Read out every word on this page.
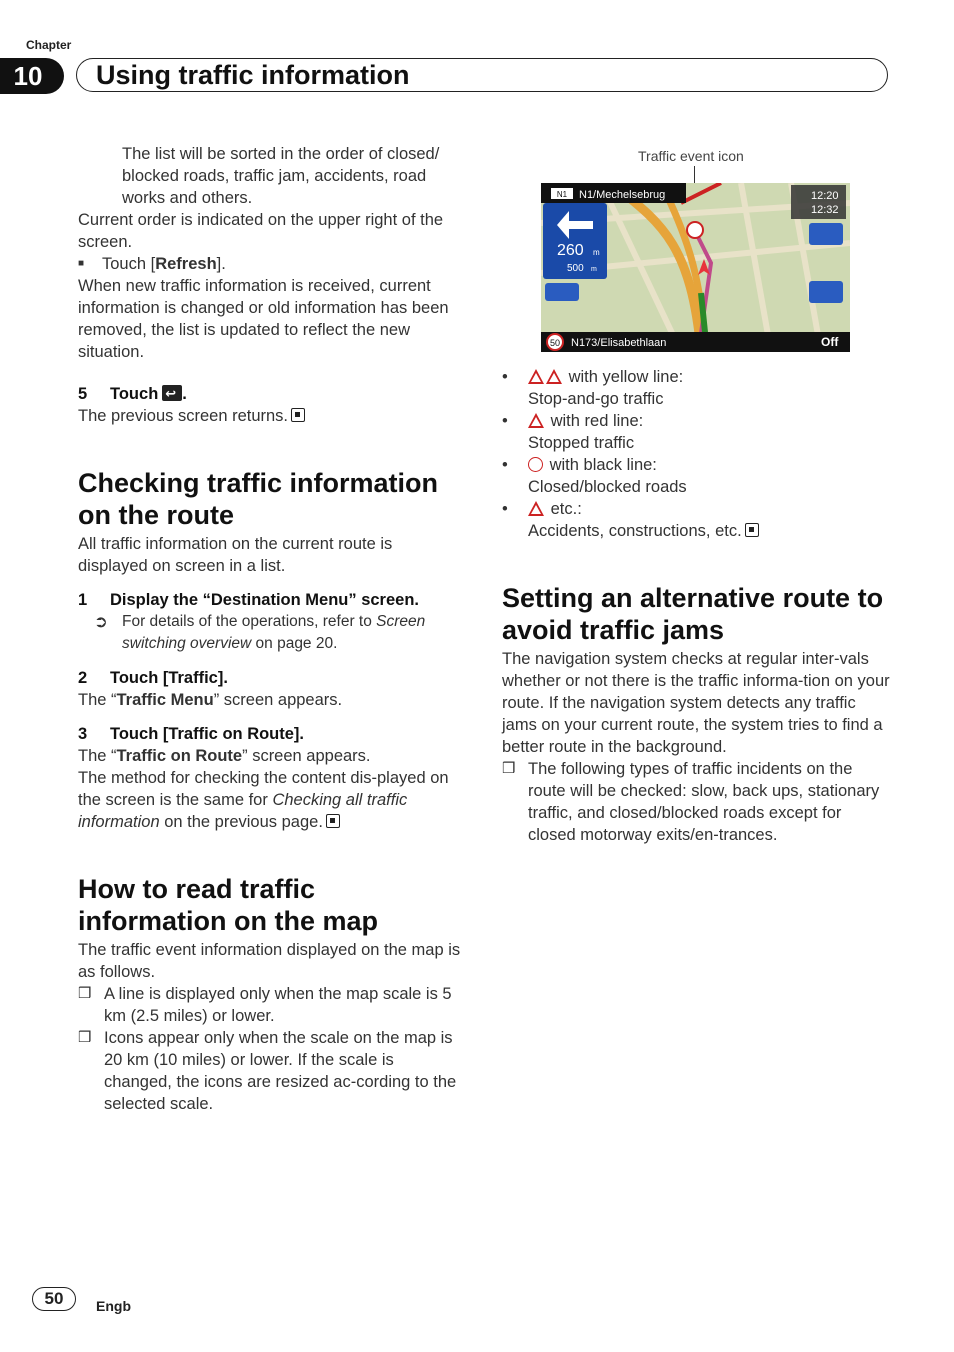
Chapter
10	Using traffic information

The list will be sorted in the order of closed/ blocked roads, traffic jam, accidents, road works and others.

Current order is indicated on the upper right of the screen.

■	Touch [Refresh].

When new traffic information is received, current information is changed or old information has been removed, the list is updated to reflect the new situation.

5 Touch↩ .

The previous screen returns.

Checking traffic information on the route

All traffic information on the current route is displayed on screen in a list.

1 Display the “Destination Menu” screen.

➲ For details of the operations, refer to Screen switching overview on page 20.

2 Touch [Traffic].

The “Traffic Menu” screen appears.

3 Touch [Traffic on Route].

The “Traffic on Route” screen appears.

The method for checking the content dis-played on the screen is the same for Checking all traffic information on the previous page.

How to read traffic information on the map

The traffic event information displayed on the map is as follows.

❒ A line is displayed only when the map scale is 5 km (2.5 miles) or lower.
❒ Icons appear only when the scale on the map is 20 km (10 miles) or lower. If the scale is changed, the icons are resized ac-cording to the selected scale.
Traffic event icon
N1 N1/Mechelsebrug	12:20
12:32
260 m
500 m
50 N173/Elisabethlaan	Off
•	with yellow line:
Stop-and-go traffic
•	with red line:
Stopped traffic
•	with black line:
Closed/blocked roads
•	etc.:
Accidents, constructions, etc.
Setting an alternative route to avoid traffic jams

The navigation system checks at regular inter-vals whether or not there is the traffic informa-tion on your route. If the navigation system detects any traffic jams on your current route, the system tries to find a better route in the background.

❒ The following types of traffic incidents on the route will be checked: slow, back ups, stationary traffic, and closed/blocked roads except for closed motorway exits/en-trances.
50	Engb
